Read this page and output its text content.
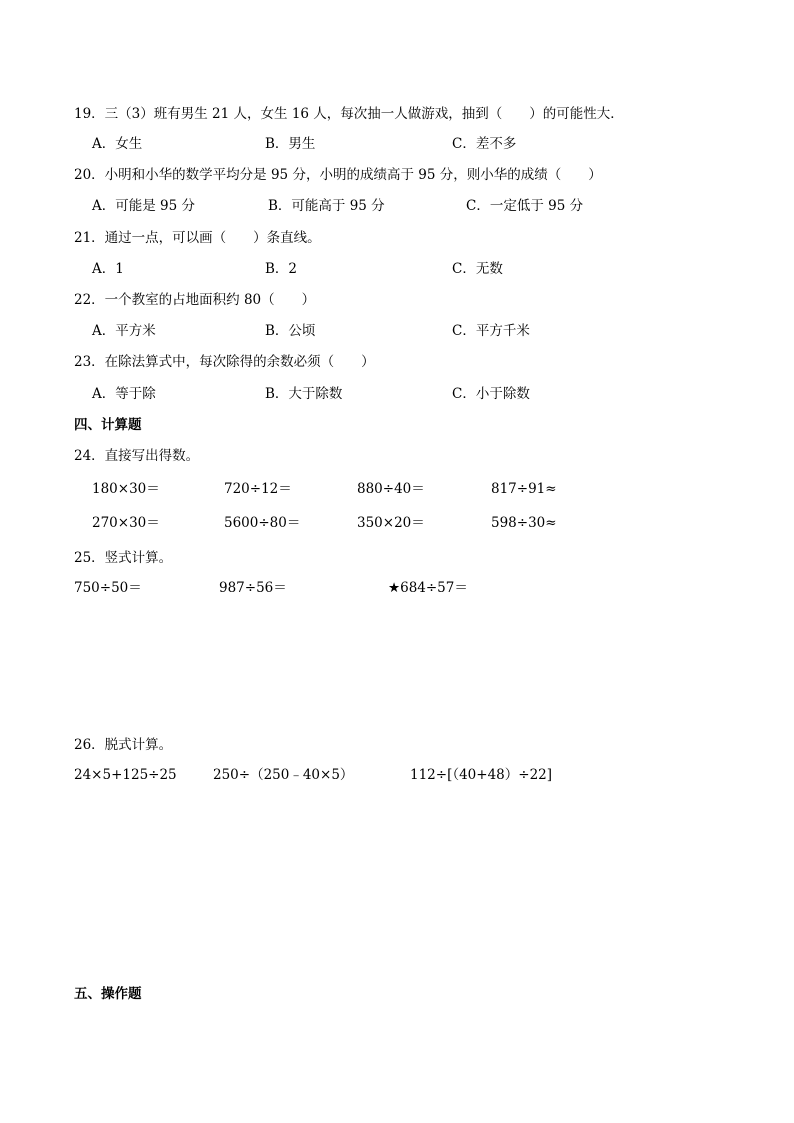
19．三（3）班有男生 21 人，女生 16 人，每次抽一人做游戏，抽到（　　）的可能性大．
A．女生	B．男生	C．差不多
20．小明和小华的数学平均分是 95 分，小明的成绩高于 95 分，则小华的成绩（　　）
A．可能是 95 分	B．可能高于 95 分	C．一定低于 95 分
21．通过一点，可以画（　　）条直线。
A．1	B．2	C．无数
22．一个教室的占地面积约 80（　　）
A．平方米	B．公顷	C．平方千米
23．在除法算式中，每次除得的余数必须（　　）
A．等于除	B．大于除数	C．小于除数
四、计算题
24．直接写出得数。
180×30＝	720÷12＝	880÷40＝	817÷91≈
270×30＝	5600÷80＝	350×20＝	598÷30≈
25．竖式计算。
750÷50＝	987÷56＝	★684÷57＝
26．脱式计算。
24×5+125÷25	250÷（250﹣40×5）	112÷[（40+48）÷22]
五、操作题
